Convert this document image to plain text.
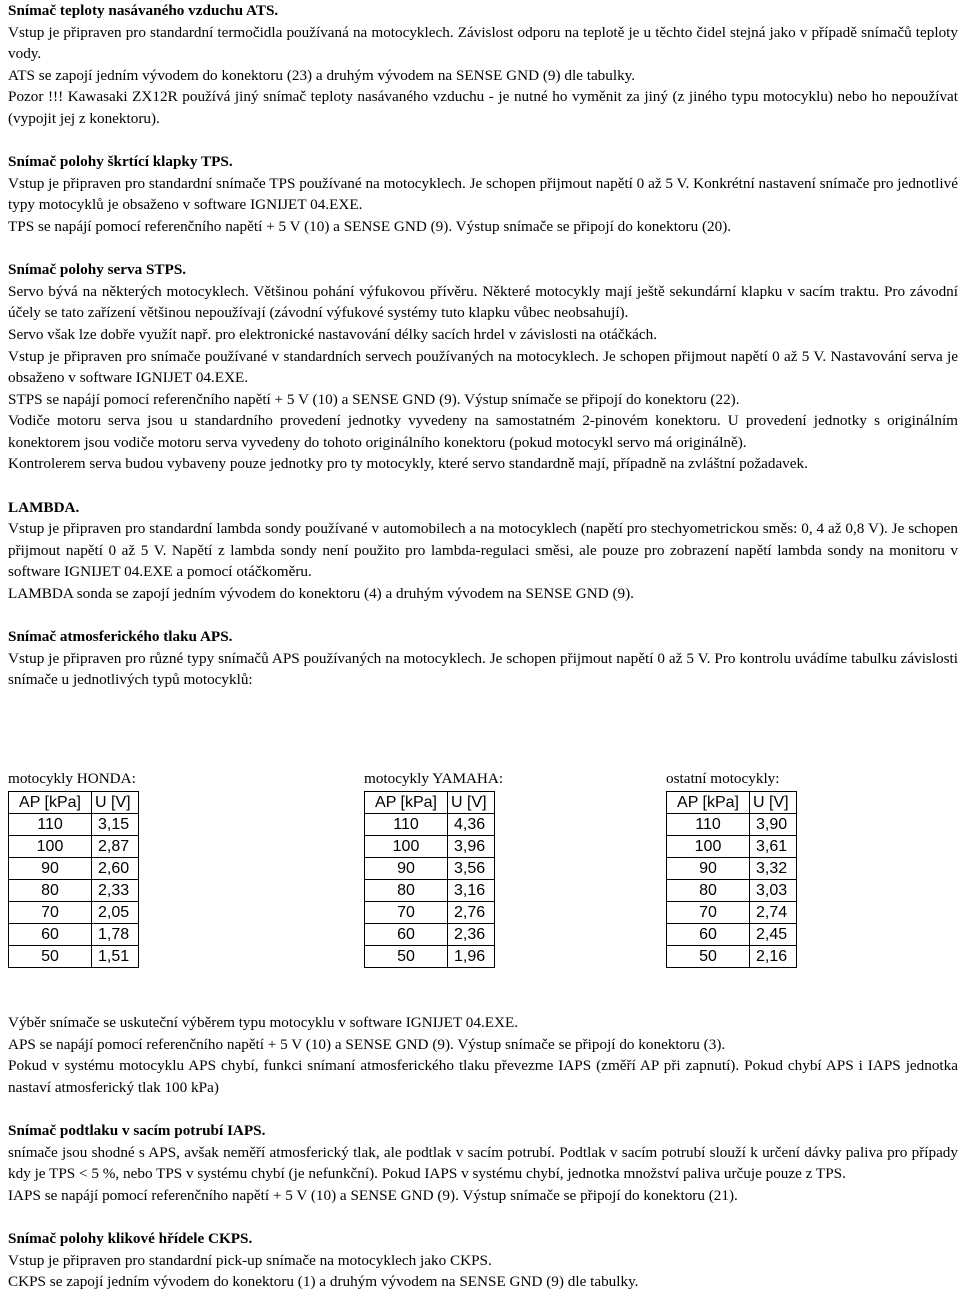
Snímač teploty nasávaného vzduchu ATS.

Vstup je připraven pro standardní termočidla používaná na motocyklech. Závislost odporu na teplotě je u těchto čidel stejná jako v případě snímačů teploty vody.

ATS se zapojí jedním vývodem do konektoru (23) a druhým vývodem na SENSE GND (9) dle tabulky.

Pozor !!! Kawasaki ZX12R používá jiný snímač teploty nasávaného vzduchu - je nutné ho vyměnit za jiný (z jiného typu motocyklu) nebo ho nepoužívat (vypojit jej z konektoru).

Snímač polohy škrtící klapky TPS.

Vstup je připraven pro standardní snímače TPS používané na motocyklech. Je schopen přijmout napětí 0 až 5 V. Konkrétní nastavení snímače pro jednotlivé typy motocyklů je obsaženo v software IGNIJET 04.EXE.

TPS se napájí pomocí referenčního napětí + 5 V (10) a SENSE GND (9). Výstup snímače se připojí do konektoru (20).

Snímač polohy serva STPS.

Servo bývá na některých motocyklech. Většinou pohání výfukovou přívěru. Některé motocykly mají ještě sekundární klapku v sacím traktu. Pro závodní účely se tato zařízení většinou nepoužívají (závodní výfukové systémy tuto klapku vůbec neobsahují).

Servo však lze dobře využít např. pro elektronické nastavování délky sacích hrdel v závislosti na otáčkách.

Vstup je připraven pro snímače používané v standardních servech používaných na motocyklech. Je schopen přijmout napětí 0 až 5 V. Nastavování serva je obsaženo v software IGNIJET 04.EXE.

STPS se napájí pomocí referenčního napětí + 5 V (10) a SENSE GND (9). Výstup snímače se připojí do konektoru (22).

Vodiče motoru serva jsou u standardního provedení jednotky vyvedeny na samostatném 2-pinovém konektoru. U provedení jednotky s originálním konektorem jsou vodiče motoru serva vyvedeny do tohoto originálního konektoru (pokud motocykl servo má originálně).

Kontrolerem serva budou vybaveny pouze jednotky pro ty motocykly, které servo standardně mají, případně na zvláštní požadavek.

LAMBDA.

Vstup je připraven pro standardní lambda sondy používané v automobilech a na motocyklech (napětí pro stechyometrickou směs: 0, 4 až 0,8 V). Je schopen přijmout napětí 0 až 5 V. Napětí z lambda sondy není použito pro lambda-regulaci směsi, ale pouze pro zobrazení napětí lambda sondy na monitoru v software IGNIJET 04.EXE a pomocí otáčkoměru.

LAMBDA sonda se zapojí jedním vývodem do konektoru (4) a druhým vývodem na SENSE GND (9).

Snímač atmosferického tlaku APS.

Vstup je připraven pro různé typy snímačů APS používaných na motocyklech. Je schopen přijmout napětí 0 až 5 V. Pro kontrolu uvádíme tabulku závislosti snímače u jednotlivých typů motocyklů:

motocykly HONDA:
AP [kPa]	U [V]
110	3,15
100	2,87
90	2,60
80	2,33
70	2,05
60	1,78
50	1,51
motocykly YAMAHA:
AP [kPa]	U [V]
110	4,36
100	3,96
90	3,56
80	3,16
70	2,76
60	2,36
50	1,96
ostatní motocykly:
AP [kPa]	U [V]
110	3,90
100	3,61
90	3,32
80	3,03
70	2,74
60	2,45
50	2,16

Výběr snímače se uskuteční výběrem typu motocyklu v software IGNIJET 04.EXE.

APS se napájí pomocí referenčního napětí + 5 V (10) a SENSE GND (9). Výstup snímače se připojí do konektoru (3).

Pokud v systému motocyklu APS chybí, funkci snímaní atmosferického tlaku převezme IAPS (změří AP při zapnutí). Pokud chybí APS i IAPS jednotka nastaví atmosferický tlak 100 kPa)

Snímač podtlaku v sacím potrubí IAPS.

snímače jsou shodné s APS, avšak neměří atmosferický tlak, ale podtlak v sacím potrubí. Podtlak v sacím potrubí slouží k určení dávky paliva pro případy kdy je TPS < 5 %, nebo TPS v systému chybí (je nefunkční). Pokud IAPS v systému chybí, jednotka množství paliva určuje pouze z TPS.

IAPS se napájí pomocí referenčního napětí + 5 V (10) a SENSE GND (9). Výstup snímače se připojí do konektoru (21).

Snímač polohy klikové hřídele CKPS.

Vstup je připraven pro standardní pick-up snímače na motocyklech jako CKPS.

CKPS se zapojí jedním vývodem do konektoru (1) a druhým vývodem na SENSE GND (9) dle tabulky.
